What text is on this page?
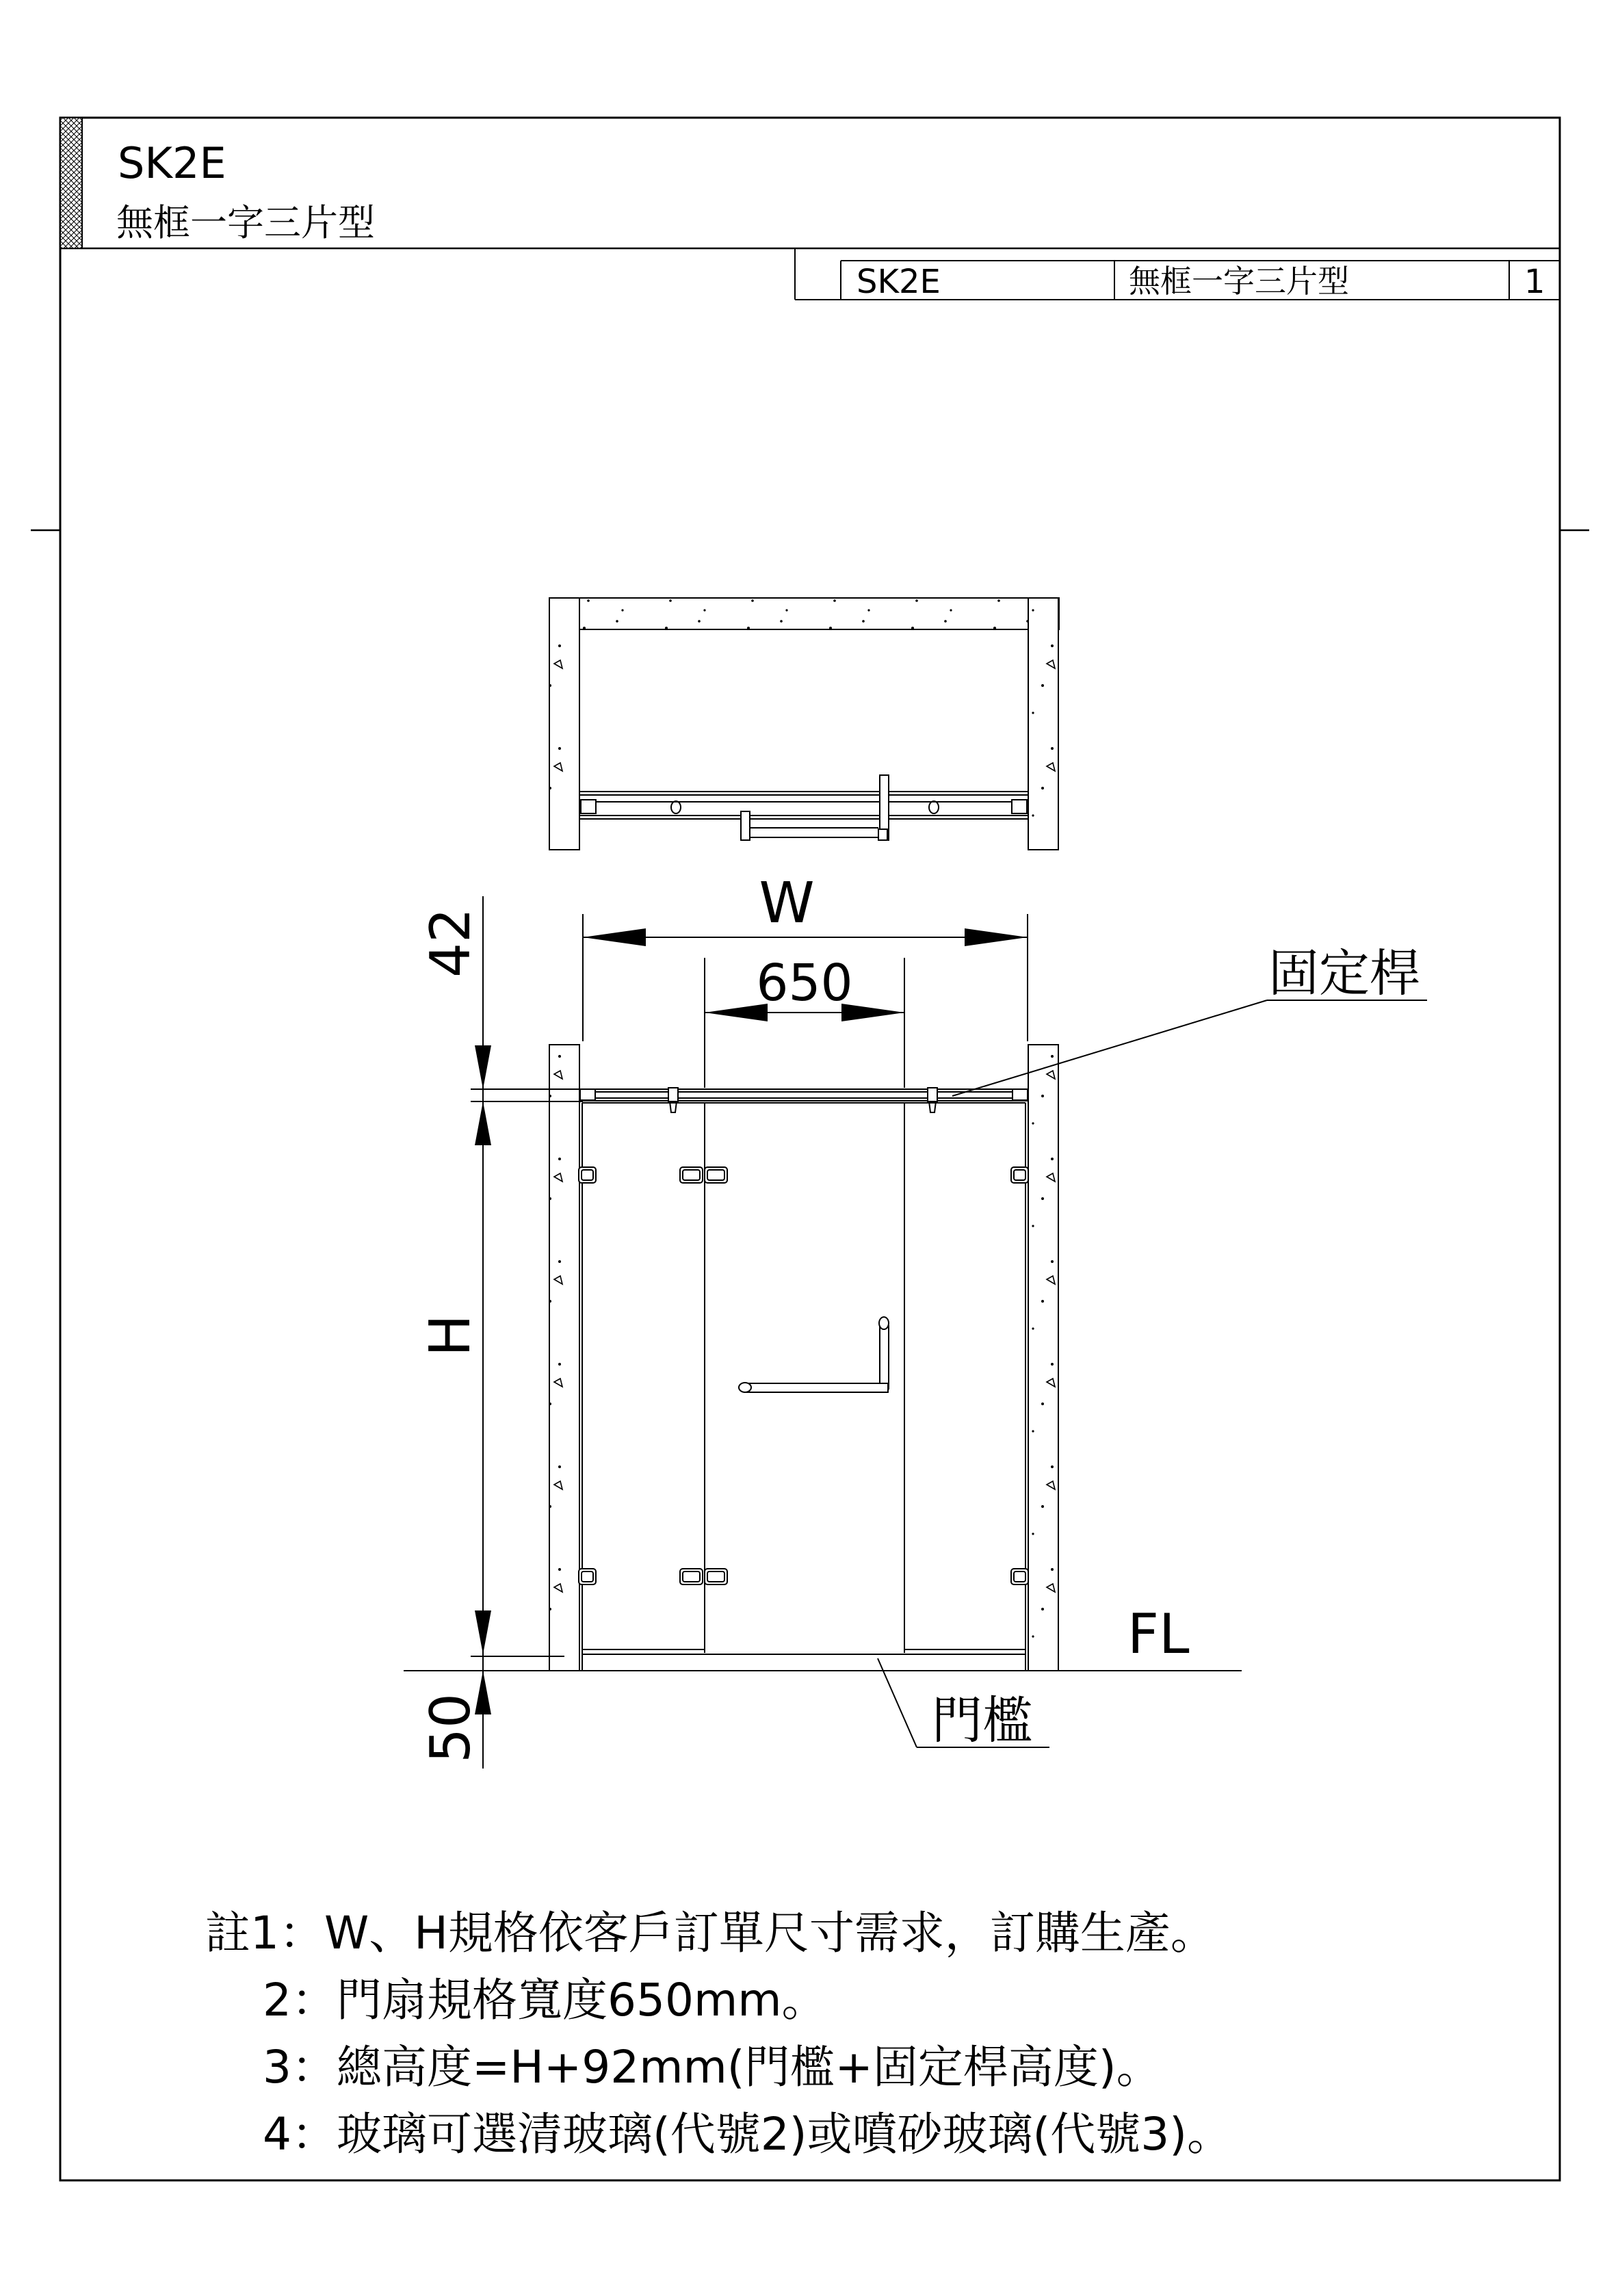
SK2E
無框一字三片型
SK2E	無框一字三片型	1
W
650
42
H
50
FL
固定桿
門檻
註1：W、H規格依客戶訂單尺寸需求，訂購生產。
2：門扇規格寬度650mm。
3：總高度=H+92mm(門檻+固定桿高度)。
4：玻璃可選清玻璃(代號2)或噴砂玻璃(代號3)。
